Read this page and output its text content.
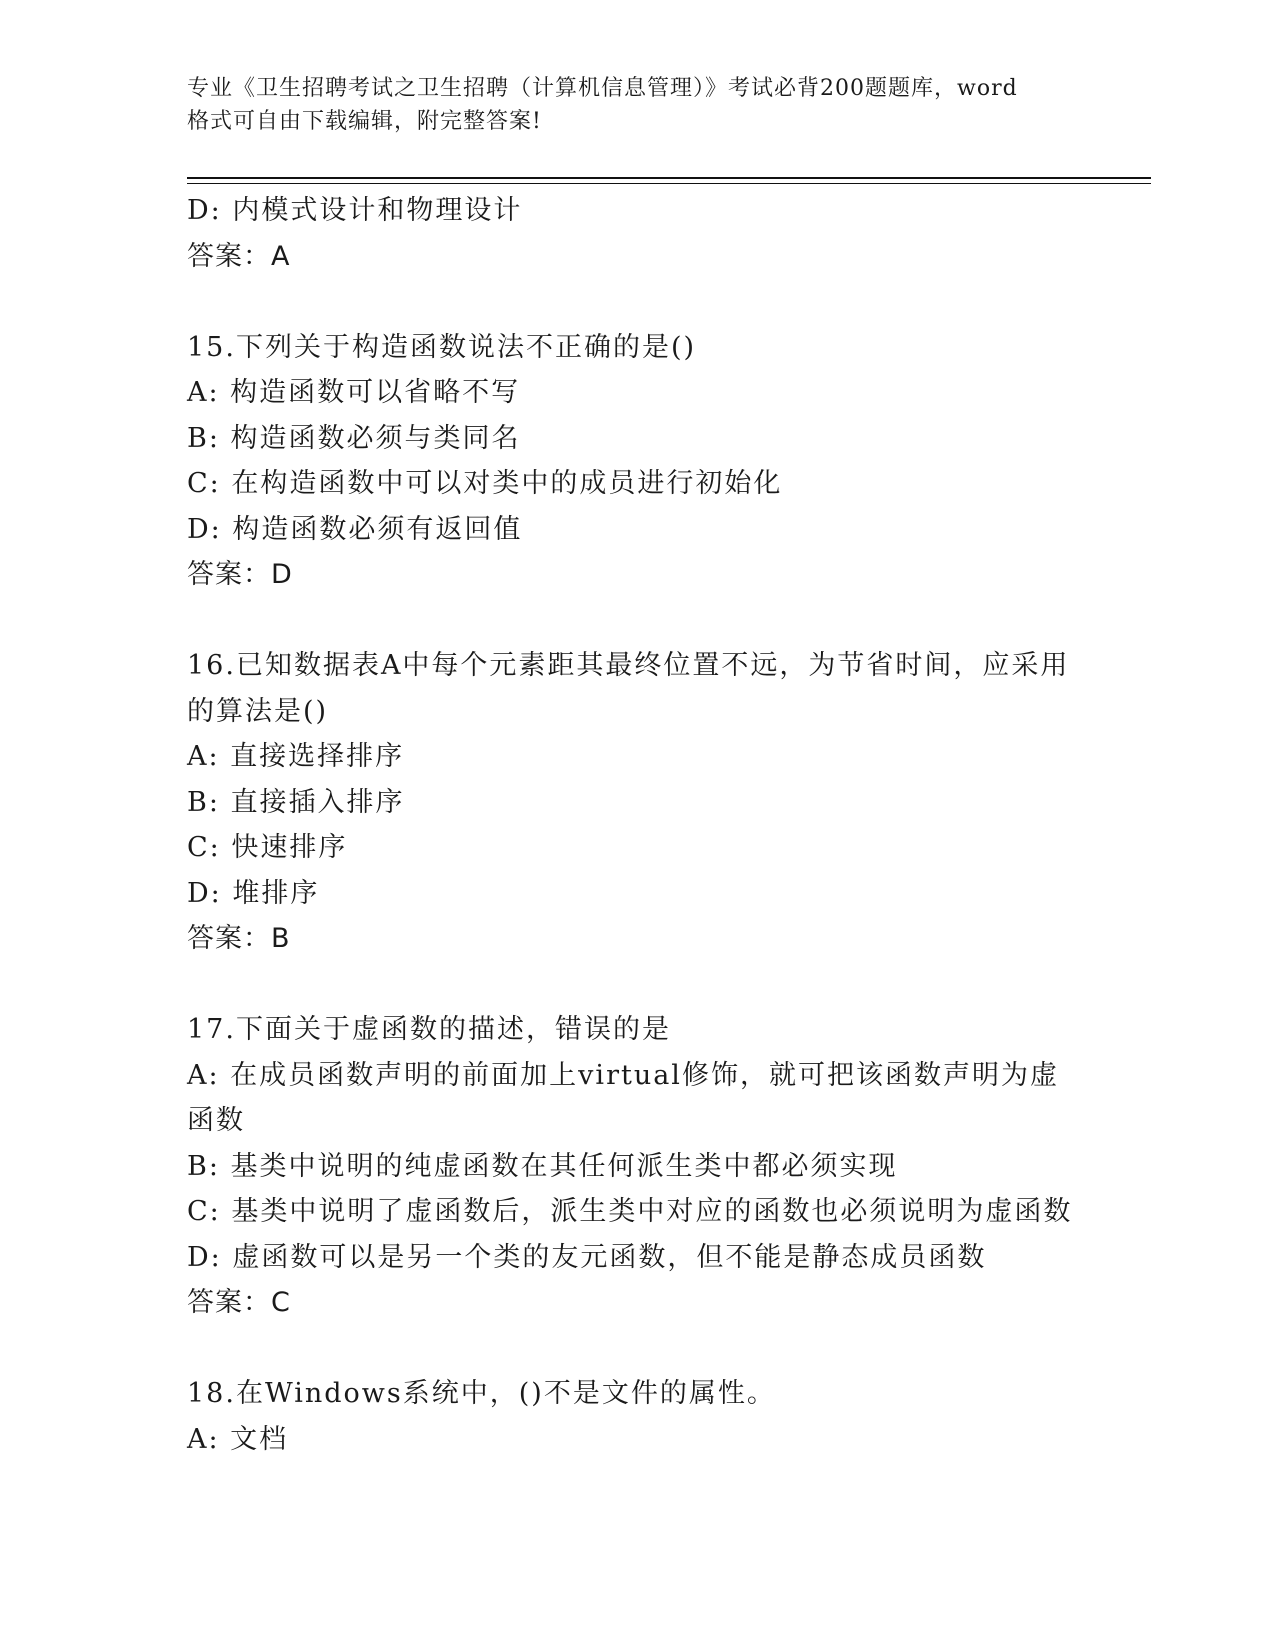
专业《卫生招聘考试之卫生招聘（计算机信息管理）》考试必背200题题库，word
格式可自由下载编辑，附完整答案!
D: 内模式设计和物理设计
答案：A
15.下列关于构造函数说法不正确的是()
A: 构造函数可以省略不写
B: 构造函数必须与类同名
C: 在构造函数中可以对类中的成员进行初始化
D: 构造函数必须有返回值
答案：D
16.已知数据表A中每个元素距其最终位置不远，为节省时间，应采用
的算法是()
A: 直接选择排序
B: 直接插入排序
C: 快速排序
D: 堆排序
答案：B
17.下面关于虚函数的描述，错误的是
A: 在成员函数声明的前面加上virtual修饰，就可把该函数声明为虚
函数
B: 基类中说明的纯虚函数在其任何派生类中都必须实现
C: 基类中说明了虚函数后，派生类中对应的函数也必须说明为虚函数
D: 虚函数可以是另一个类的友元函数，但不能是静态成员函数
答案：C
18.在Windows系统中，()不是文件的属性。
A: 文档
